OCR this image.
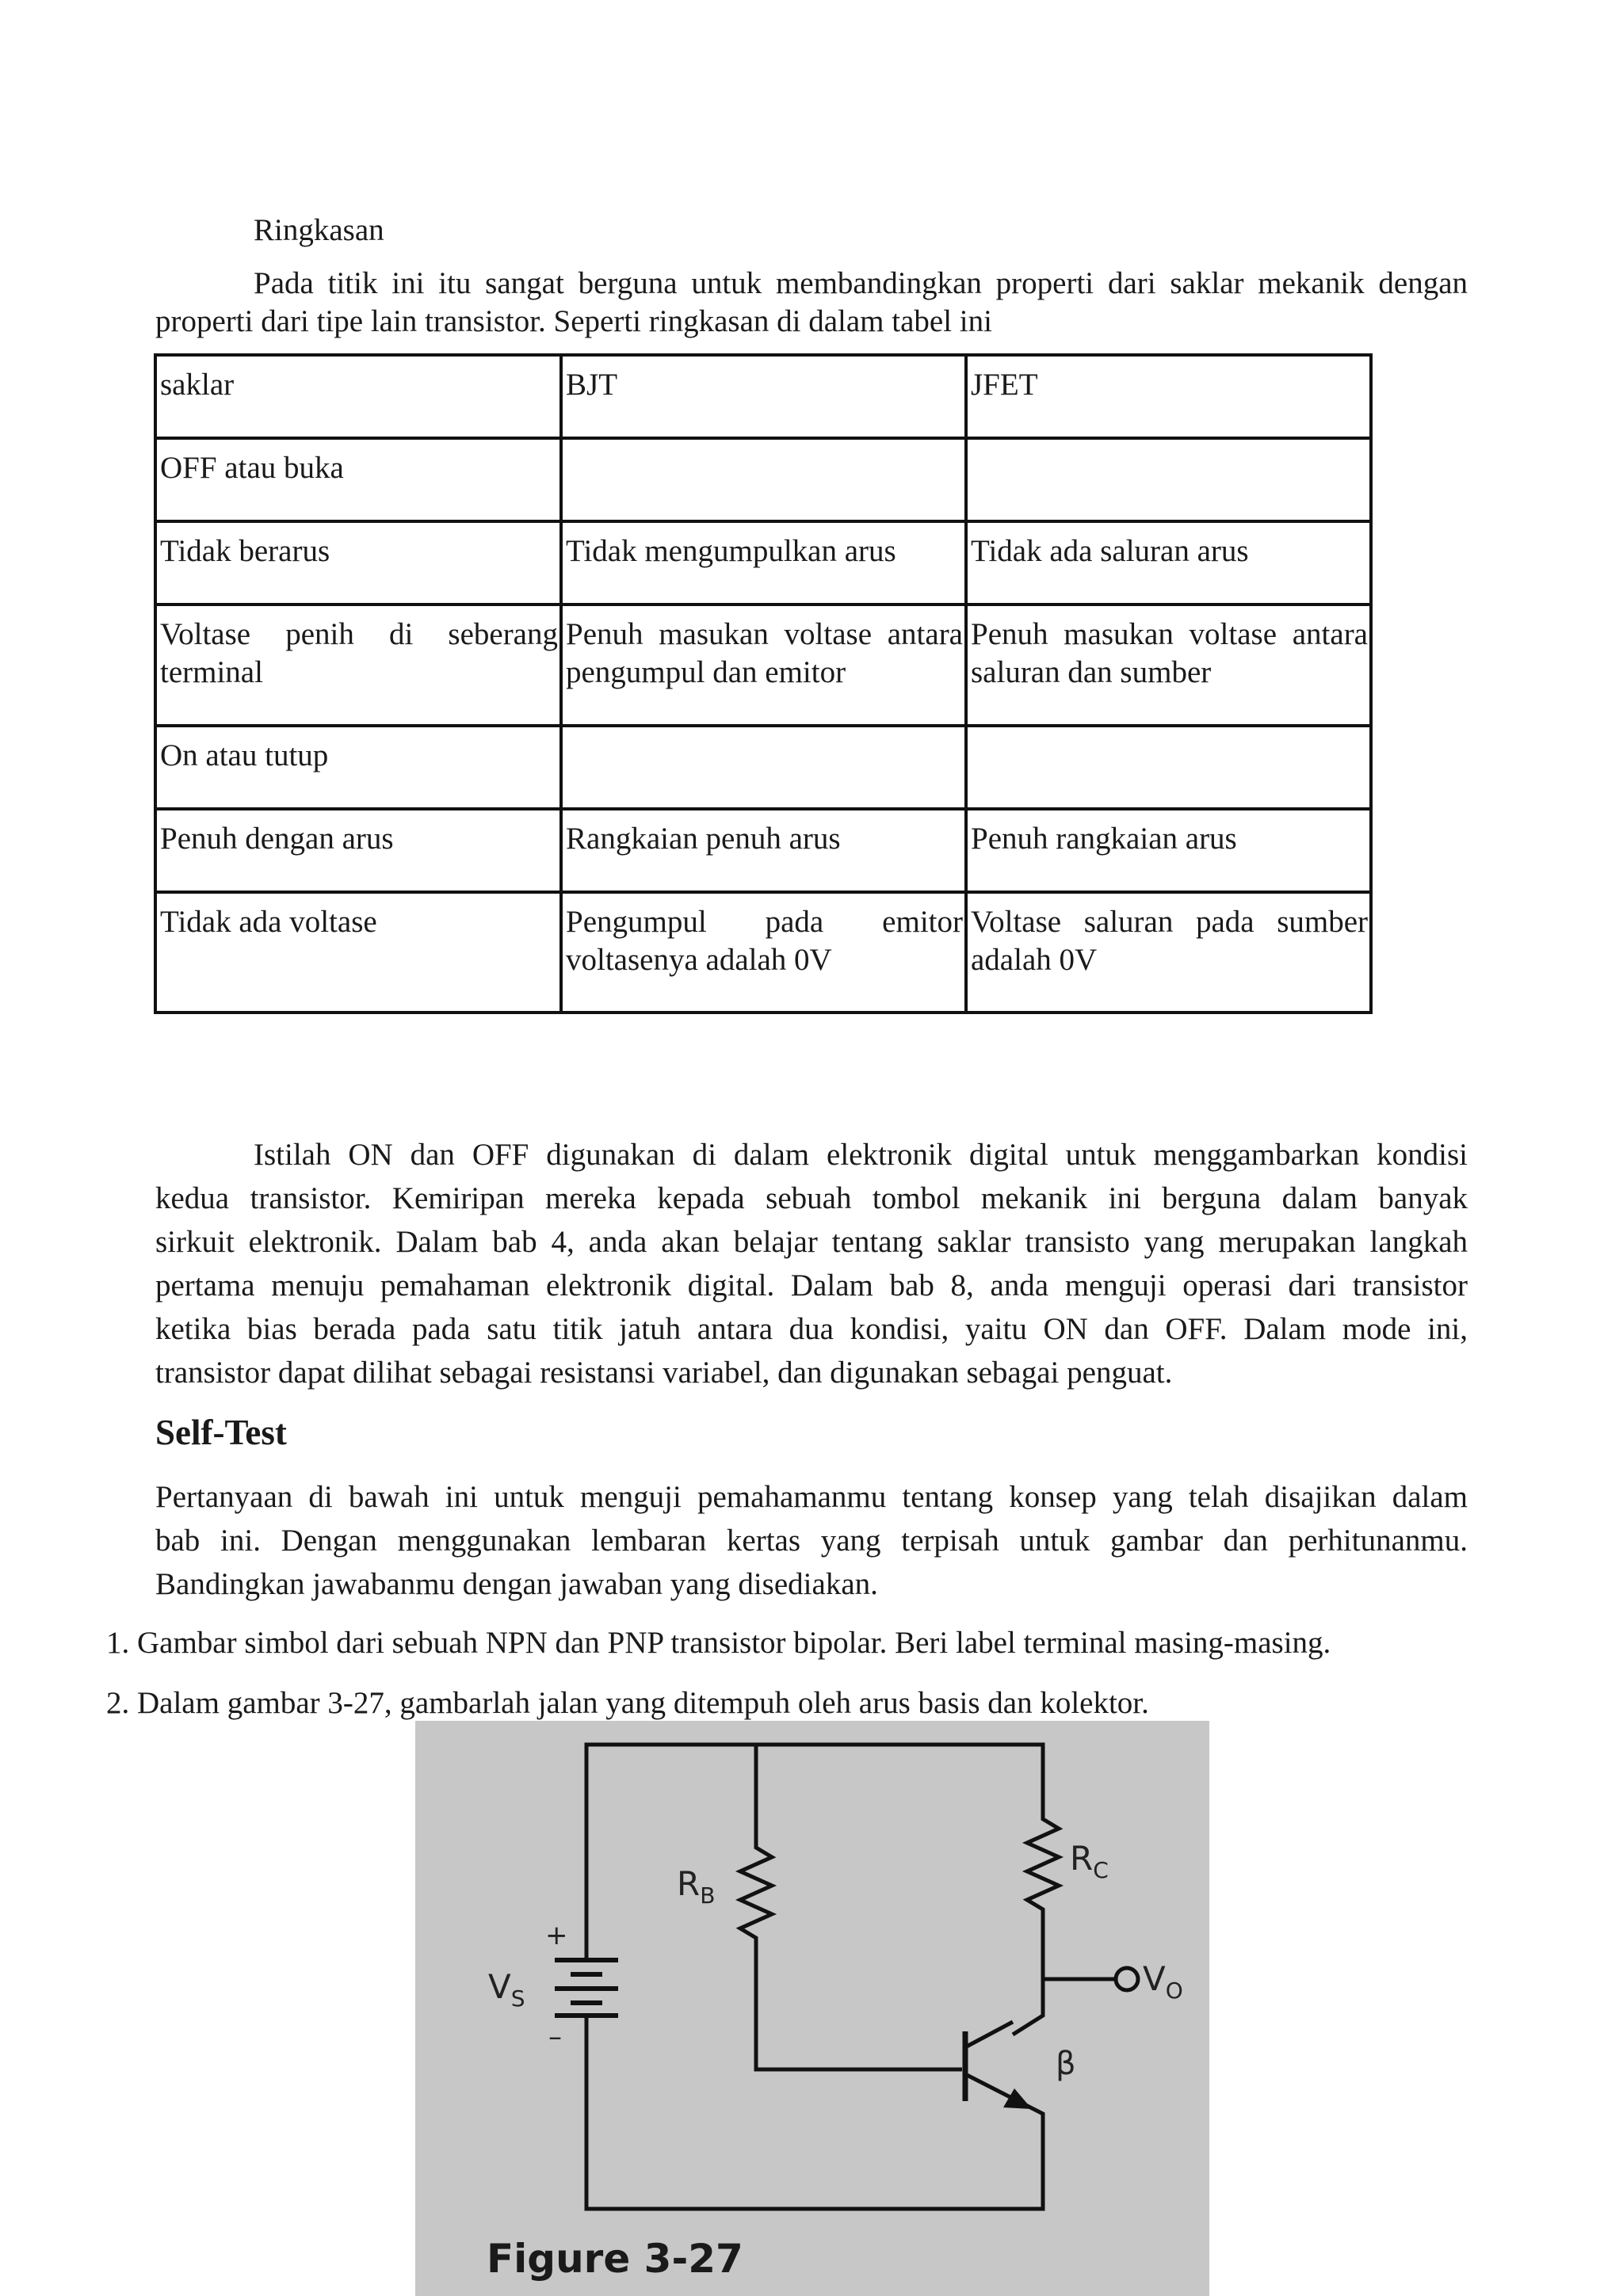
Ringkasan
Pada titik ini itu sangat berguna untuk membandingkan properti dari saklar mekanik dengan
properti dari tipe lain transistor. Seperti ringkasan di dalam tabel ini
saklar	BJT	JFET
OFF atau buka		
Tidak berarus	Tidak mengumpulkan arus	Tidak ada saluran arus
Voltase penih di seberang terminal	Penuh masukan voltase antara pengumpul dan emitor	Penuh masukan voltase antara saluran dan sumber
On atau tutup		
Penuh dengan arus	Rangkaian penuh arus	Penuh rangkaian arus
Tidak ada voltase	Pengumpul pada emitor voltasenya adalah 0V	Voltase saluran pada sumber adalah 0V
Istilah ON dan OFF digunakan di dalam elektronik digital untuk menggambarkan kondisi
kedua transistor. Kemiripan mereka kepada sebuah tombol mekanik ini berguna dalam banyak
sirkuit elektronik. Dalam bab 4, anda akan belajar tentang saklar transisto yang merupakan langkah
pertama menuju pemahaman elektronik digital. Dalam bab 8, anda menguji operasi dari transistor
ketika bias berada pada satu titik jatuh antara dua kondisi, yaitu ON dan OFF. Dalam mode ini,
transistor dapat dilihat sebagai resistansi variabel, dan digunakan sebagai penguat.
Self-Test
Pertanyaan di bawah ini untuk menguji pemahamanmu tentang konsep yang telah disajikan dalam
bab ini. Dengan menggunakan lembaran kertas yang terpisah untuk gambar dan perhitunanmu.
Bandingkan jawabanmu dengan jawaban yang disediakan.
1. Gambar simbol dari sebuah NPN dan PNP transistor bipolar. Beri label terminal masing-masing.
2. Dalam gambar 3-27, gambarlah jalan yang ditempuh oleh arus basis dan kolektor.
+
–
$V_S$
$R_B$
$R_C$
$V_O$
β
Figure 3-27
